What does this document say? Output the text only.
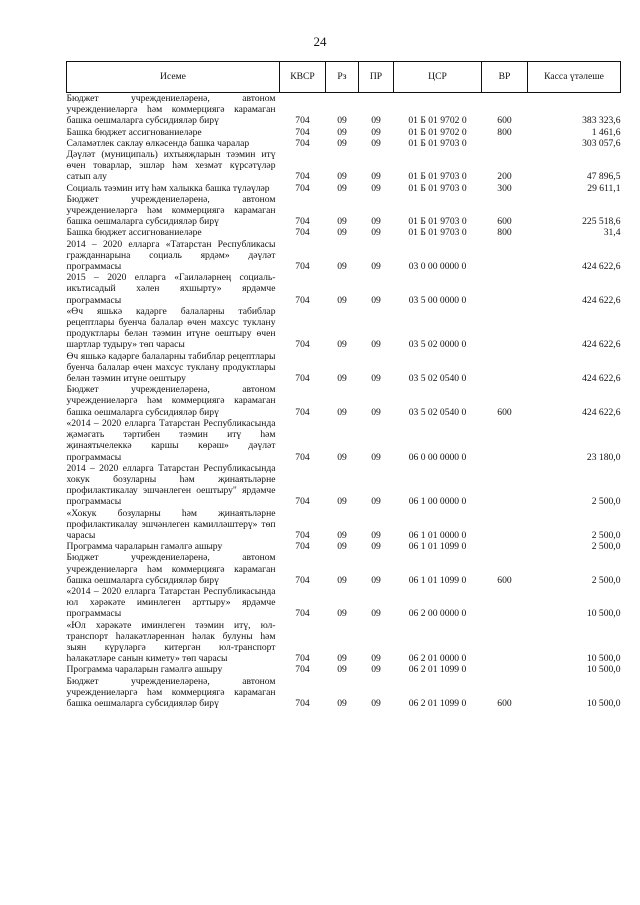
24
Исеме	КВСР	Рз	ПР	ЦСР	ВР	Касса үтәлеше
Бюджет учреждениеләренә, автоном учреждениеләргә һәм коммерциягә карамаган башка оешмаларга субсидияләр бирү	704	09	09	01 Б 01 9702 0	600	383 323,6
Башка бюджет ассигнованиеләре	704	09	09	01 Б 01 9702 0	800	1 461,6
Сәламәтлек саклау өлкәсендә башка чаралар	704	09	09	01 Б 01 9703 0		303 057,6
Дәүләт (муниципаль) ихтыяҗларын тәэмин итү өчен товарлар, эшләр һәм хезмәт күрсәтүләр сатып алу	704	09	09	01 Б 01 9703 0	200	47 896,5
Социаль тәэмин итү һәм халыкка башка түләүләр	704	09	09	01 Б 01 9703 0	300	29 611,1
Бюджет учреждениеләренә, автоном учреждениеләргә һәм коммерциягә карамаган башка оешмаларга субсидияләр бирү	704	09	09	01 Б 01 9703 0	600	225 518,6
Башка бюджет ассигнованиеләре	704	09	09	01 Б 01 9703 0	800	31,4
2014 – 2020 елларга «Татарстан Республикасы гражданнарына социаль ярдәм» дәүләт программасы	704	09	09	03 0 00 0000 0		424 622,6
2015 – 2020 елларга «Гаиләләрнең социаль-икътисадый хәлен яхшырту» ярдәмче программасы	704	09	09	03 5 00 0000 0		424 622,6
«Өч яшькә кадәрге балаларны табиблар рецептлары буенча балалар өчен махсус туклану продуктлары белән тәэмин итүне оештыру өчен шартлар тудыру» төп чарасы	704	09	09	03 5 02 0000 0		424 622,6
Өч яшькә кадәрге балаларны табиблар рецептлары буенча балалар өчен махсус туклану продуктлары белән тәэмин итүне оештыру	704	09	09	03 5 02 0540 0		424 622,6
Бюджет учреждениеләренә, автоном учреждениеләргә һәм коммерциягә карамаган башка оешмаларга субсидияләр бирү	704	09	09	03 5 02 0540 0	600	424 622,6
«2014 – 2020 елларга Татарстан Республикасында җәмәгать тәртибен тәэмин итү һәм җинаятьчелеккә каршы көрәш» дәүләт программасы	704	09	09	06 0 00 0000 0		23 180,0
2014 – 2020 елларга Татарстан Республикасында хокук бозуларны һәм җинаятьләрне профилактикалау эшчәнлеген оештыру" ярдәмче программасы	704	09	09	06 1 00 0000 0		2 500,0
«Хокук бозуларны һәм җинаятьләрне профилактикалау эшчәнлеген камилләштерү» төп чарасы	704	09	09	06 1 01 0000 0		2 500,0
Программа чараларын гамәлгә ашыру	704	09	09	06 1 01 1099 0		2 500,0
Бюджет учреждениеләренә, автоном учреждениеләргә һәм коммерциягә карамаган башка оешмаларга субсидияләр бирү	704	09	09	06 1 01 1099 0	600	2 500,0
«2014 – 2020 елларга Татарстан Республикасында юл хәрәкәте иминлеген арттыру» ярдәмче программасы	704	09	09	06 2 00 0000 0		10 500,0
«Юл хәрәкәте иминлеген тәэмин итү, юл-транспорт һәлакәтләреннән һәлак булуны һәм зыян күрүләргә китергән юл-транспорт һәлакәтләре санын кимету» төп чарасы	704	09	09	06 2 01 0000 0		10 500,0
Программа чараларын гамәлгә ашыру	704	09	09	06 2 01 1099 0		10 500,0
Бюджет учреждениеләренә, автоном учреждениеләргә һәм коммерциягә карамаган башка оешмаларга субсидияләр бирү	704	09	09	06 2 01 1099 0	600	10 500,0
